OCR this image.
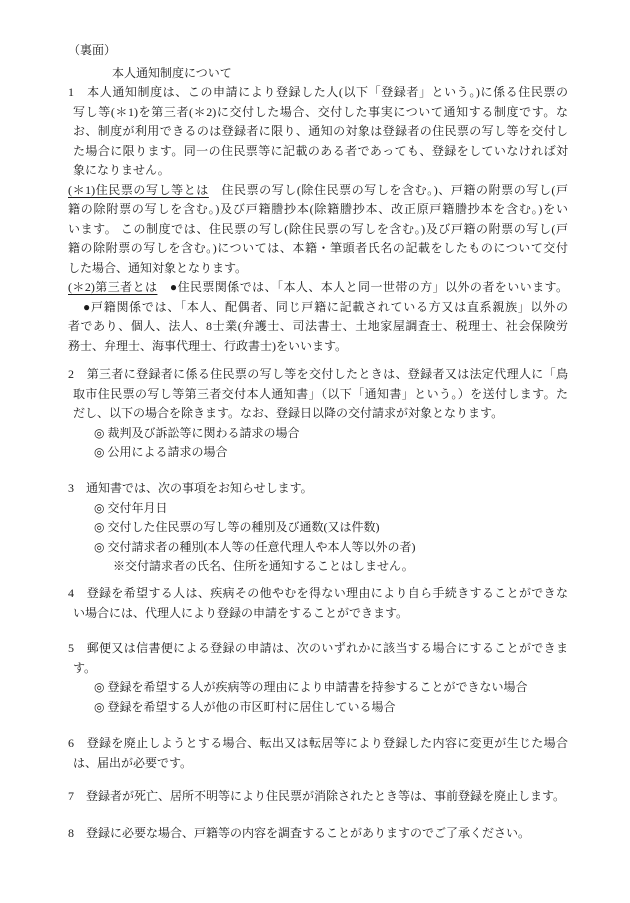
（裏面）
本人通知制度について
1　本人通知制度は、この申請により登録した人(以下「登録者」という。)に係る住民票の
写し等(＊1)を第三者(＊2)に交付した場合、交付した事実について通知する制度です。な
お、制度が利用できるのは登録者に限り、通知の対象は登録者の住民票の写し等を交付し
た場合に限ります。同一の住民票等に記載のある者であっても、登録をしていなければ対
象になりません。
(＊1)住民票の写し等とは　住民票の写し(除住民票の写しを含む。)、戸籍の附票の写し(戸
籍の除附票の写しを含む。)及び戸籍謄抄本(除籍謄抄本、改正原戸籍謄抄本を含む。)をい
います。 この制度では、住民票の写し(除住民票の写しを含む。)及び戸籍の附票の写し(戸
籍の除附票の写しを含む。)については、本籍・筆頭者氏名の記載をしたものについて交付
した場合、通知対象となります。
(＊2)第三者とは　●住民票関係では、「本人、本人と同一世帯の方」以外の者をいいます。
●戸籍関係では、「本人、配偶者、同じ戸籍に記載されている方又は直系親族」以外の
者であり、個人、法人、8士業(弁護士、司法書士、土地家屋調査士、税理士、社会保険労
務士、弁理士、海事代理士、行政書士)をいいます。
2　第三者に登録者に係る住民票の写し等を交付したときは、登録者又は法定代理人に「鳥
取市住民票の写し等第三者交付本人通知書」（以下「通知書」という。）を送付します。た
だし、以下の場合を除きます。なお、登録日以降の交付請求が対象となります。
◎ 裁判及び訴訟等に関わる請求の場合
◎ 公用による請求の場合
3　通知書では、次の事項をお知らせします。
◎ 交付年月日
◎ 交付した住民票の写し等の種別及び通数(又は件数)
◎ 交付請求者の種別(本人等の任意代理人や本人等以外の者)
※交付請求者の氏名、住所を通知することはしません。
4　登録を希望する人は、疾病その他やむを得ない理由により自ら手続きすることができな
い場合には、代理人により登録の申請をすることができます。
5　郵便又は信書便による登録の申請は、次のいずれかに該当する場合にすることができま
す。
◎ 登録を希望する人が疾病等の理由により申請書を持参することができない場合
◎ 登録を希望する人が他の市区町村に居住している場合
6　登録を廃止しようとする場合、転出又は転居等により登録した内容に変更が生じた場合
は、届出が必要です。
7　登録者が死亡、居所不明等により住民票が消除されたとき等は、事前登録を廃止します。
8　登録に必要な場合、戸籍等の内容を調査することがありますのでご了承ください。
